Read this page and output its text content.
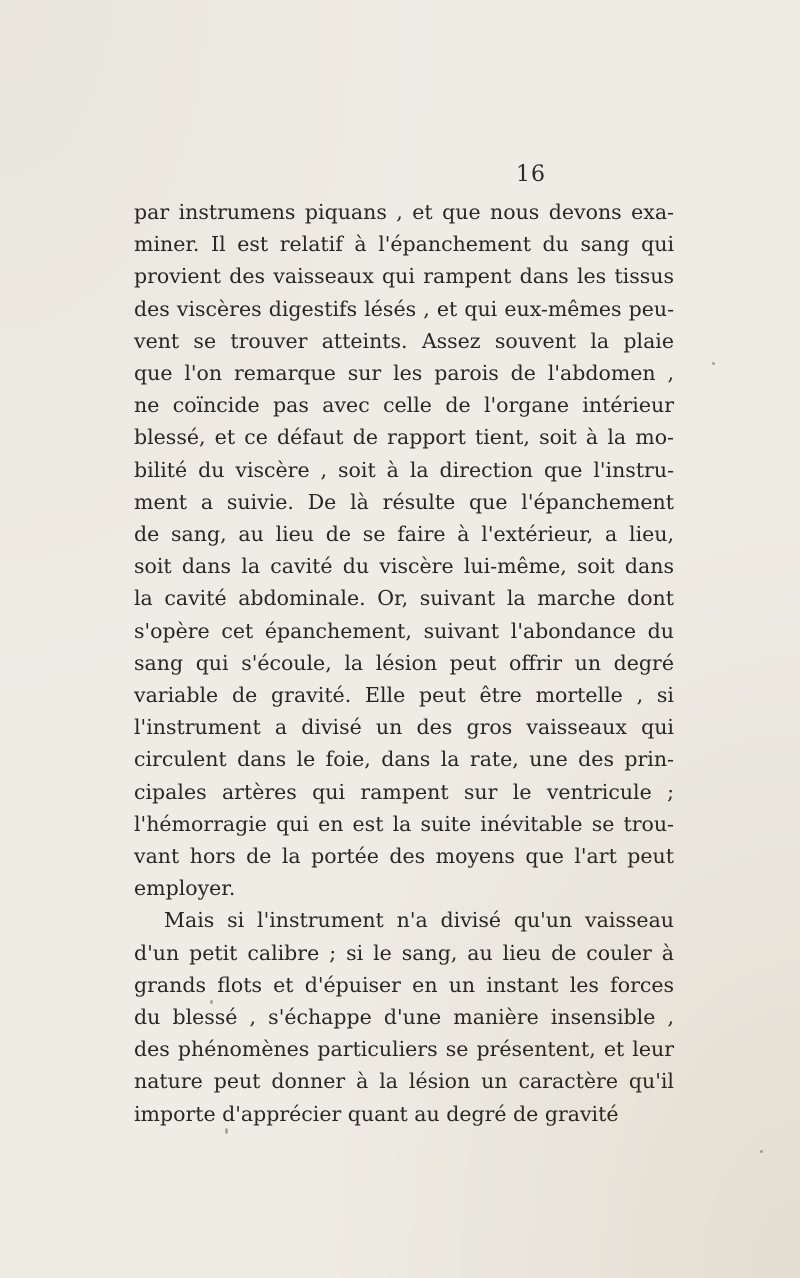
16
par instrumens piquans , et que nous devons exa-
miner. Il est relatif à l'épanchement du sang qui
provient des vaisseaux qui rampent dans les tissus
des viscères digestifs lésés , et qui eux-mêmes peu-
vent se trouver atteints. Assez souvent la plaie
que l'on remarque sur les parois de l'abdomen ,
ne coïncide pas avec celle de l'organe intérieur
blessé, et ce défaut de rapport tient, soit à la mo-
bilité du viscère , soit à la direction que l'instru-
ment a suivie. De là résulte que l'épanchement
de sang, au lieu de se faire à l'extérieur, a lieu,
soit dans la cavité du viscère lui-même, soit dans
la cavité abdominale. Or, suivant la marche dont
s'opère cet épanchement, suivant l'abondance du
sang qui s'écoule, la lésion peut offrir un degré
variable de gravité. Elle peut être mortelle , si
l'instrument a divisé un des gros vaisseaux qui
circulent dans le foie, dans la rate, une des prin-
cipales artères qui rampent sur le ventricule ;
l'hémorragie qui en est la suite inévitable se trou-
vant hors de la portée des moyens que l'art peut
employer.
Mais si l'instrument n'a divisé qu'un vaisseau
d'un petit calibre ; si le sang, au lieu de couler à
grands flots et d'épuiser en un instant les forces
du blessé , s'échappe d'une manière insensible ,
des phénomènes particuliers se présentent, et leur
nature peut donner à la lésion un caractère qu'il
importe d'apprécier quant au degré de gravité
